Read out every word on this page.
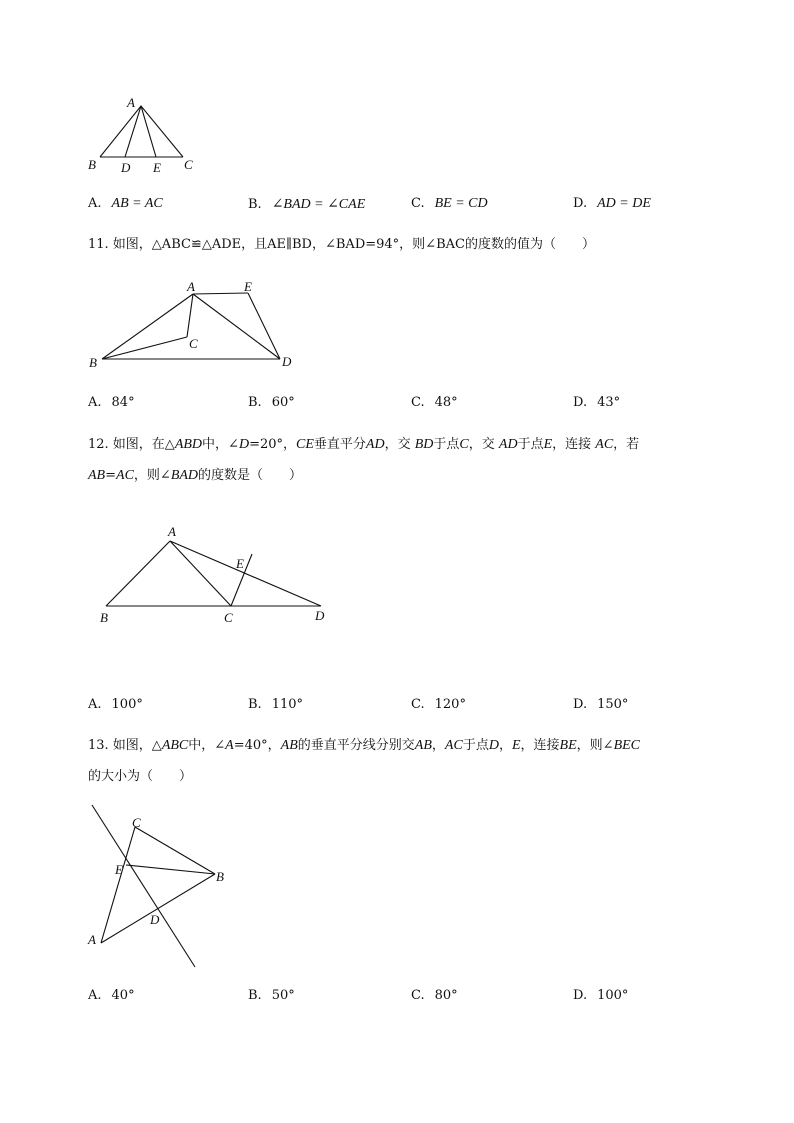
A
B D E C
A. AB = AC	B. ∠BAD = ∠CAE	C. BE = CD	D. AD = DE
11. 如图，△ABC≌△ADE，且AE∥BD，∠BAD=94°，则∠BAC的度数的值为（　　）
A	E
C
B	D
A. 84°	B. 60°	C. 48°	D. 43°
12. 如图，在△ABD中，∠D=20°，CE垂直平分AD，交 BD于点C，交 AD于点E，连接 AC，若
AB=AC，则∠BAD的度数是（　　）
A
E
B	C	D
A. 100°	B. 110°	C. 120°	D. 150°
13. 如图，△ABC中，∠A=40°，AB的垂直平分线分别交AB，AC于点D，E，连接BE，则∠BEC
的大小为（　　）
C
E	B
D
A
A. 40°	B. 50°	C. 80°	D. 100°
